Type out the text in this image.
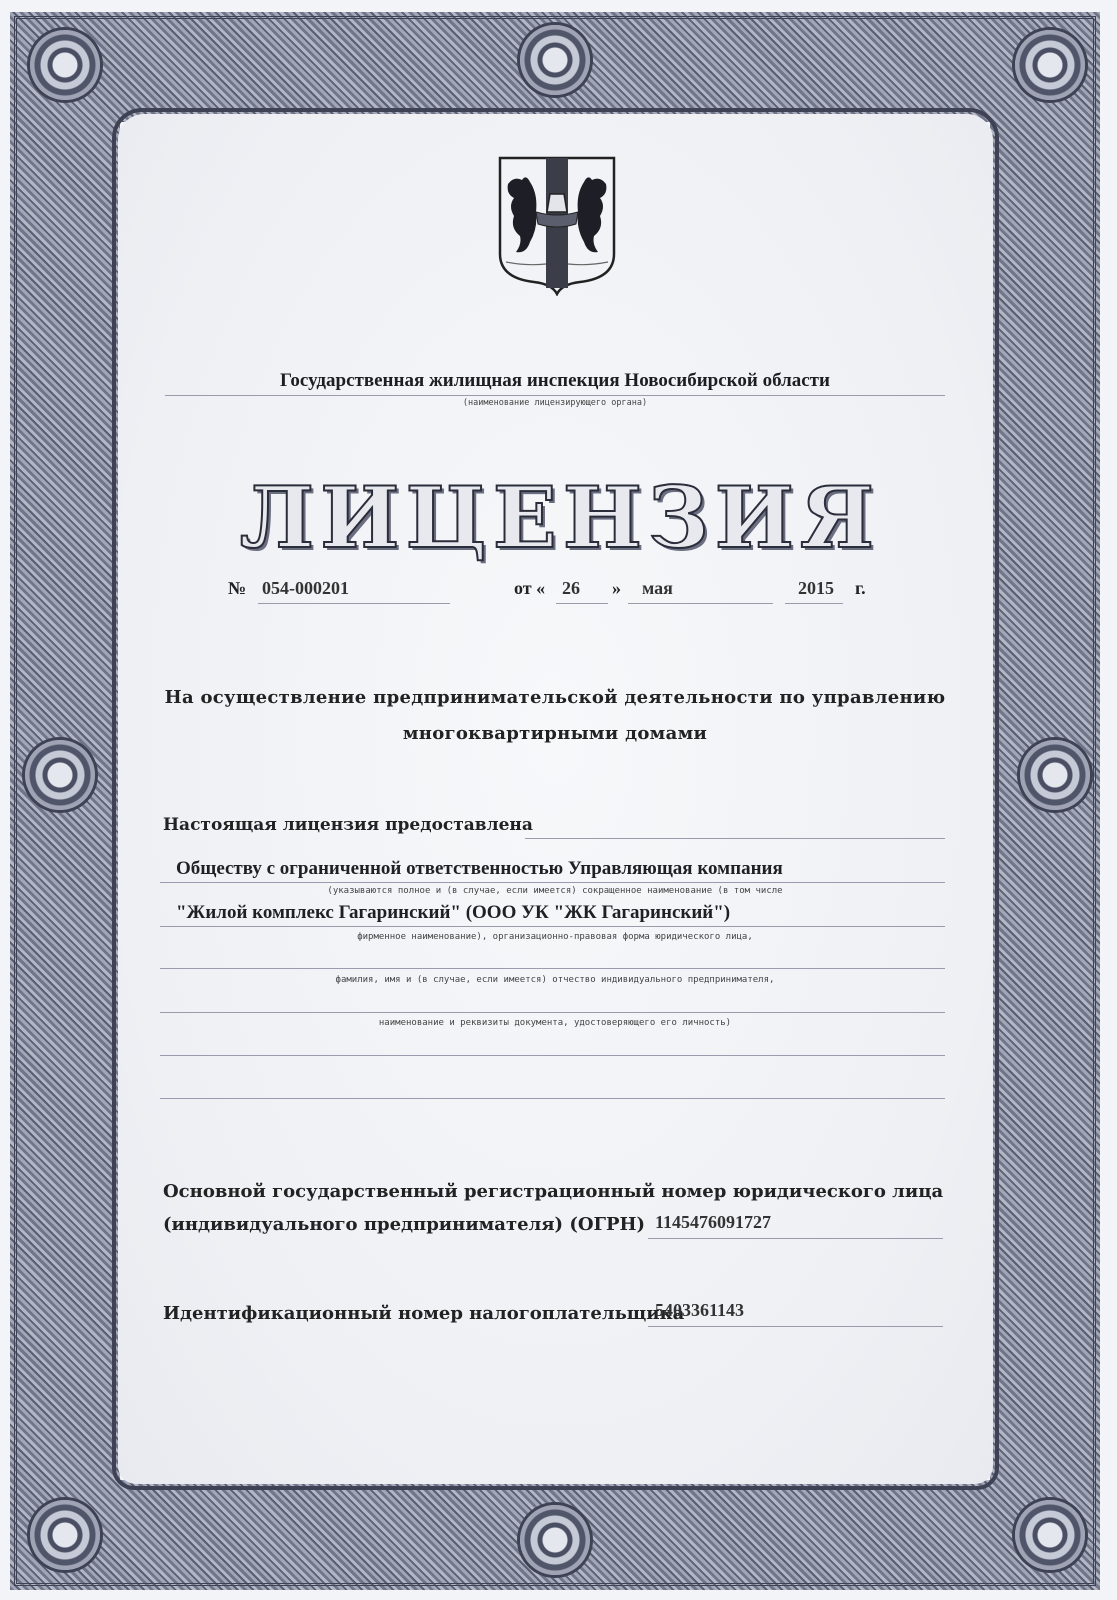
Государственная жилищная инспекция Новосибирской области
(наименование лицензирующего органа)
ЛИЦЕНЗИЯ
№ 054-000201	от « 26 » мая	2015 г.
На осуществление предпринимательской деятельности по управлению
многоквартирными домами
Настоящая лицензия предоставлена
Обществу с ограниченной ответственностью Управляющая компания
(указываются полное и (в случае, если имеется) сокращенное наименование (в том числе
"Жилой комплекс Гагаринский" (ООО УК "ЖК Гагаринский")
фирменное наименование), организационно-правовая форма юридического лица,
фамилия, имя и (в случае, если имеется) отчество индивидуального предпринимателя,
наименование и реквизиты документа, удостоверяющего его личность)
Основной государственный регистрационный номер юридического лица
(индивидуального предпринимателя) (ОГРН) 1145476091727
Идентификационный номер налогоплательщика
5403361143
